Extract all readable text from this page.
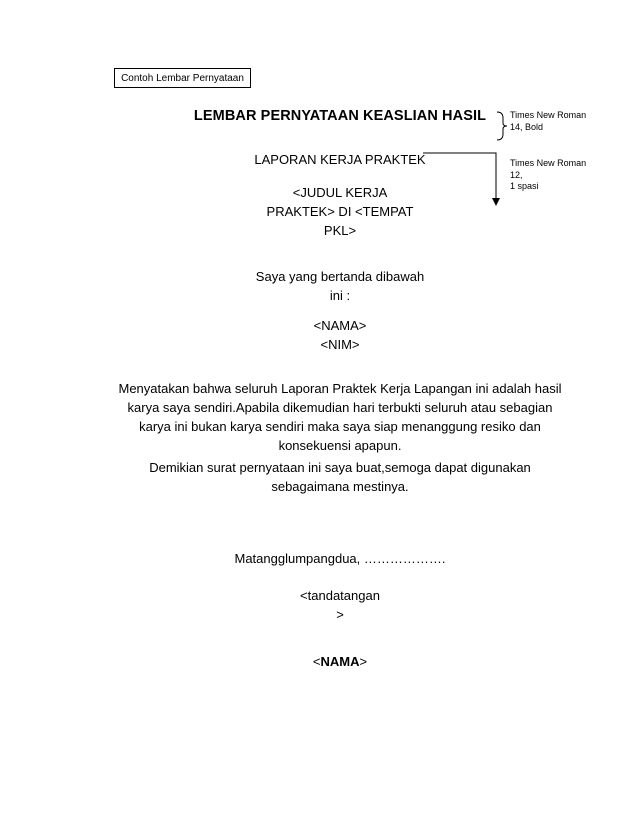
Contoh Lembar Pernyataan
LEMBAR PERNYATAAN KEASLIAN HASIL	Times New Roman
14, Bold
Times New Roman
12,
1 spasi
LAPORAN KERJA PRAKTEK
<JUDUL KERJA
PRAKTEK> DI <TEMPAT
PKL>
Saya yang bertanda dibawah
ini :
<NAMA>
<NIM>
Menyatakan bahwa seluruh Laporan Praktek Kerja Lapangan ini adalah hasil
karya saya sendiri.Apabila dikemudian hari terbukti seluruh atau sebagian
karya ini bukan karya sendiri maka saya siap menanggung resiko dan
konsekuensi apapun.
Demikian surat pernyataan ini saya buat,semoga dapat digunakan
sebagaimana mestinya.
Matangglumpangdua, ……………….
<tandatangan
>
<NAMA>
